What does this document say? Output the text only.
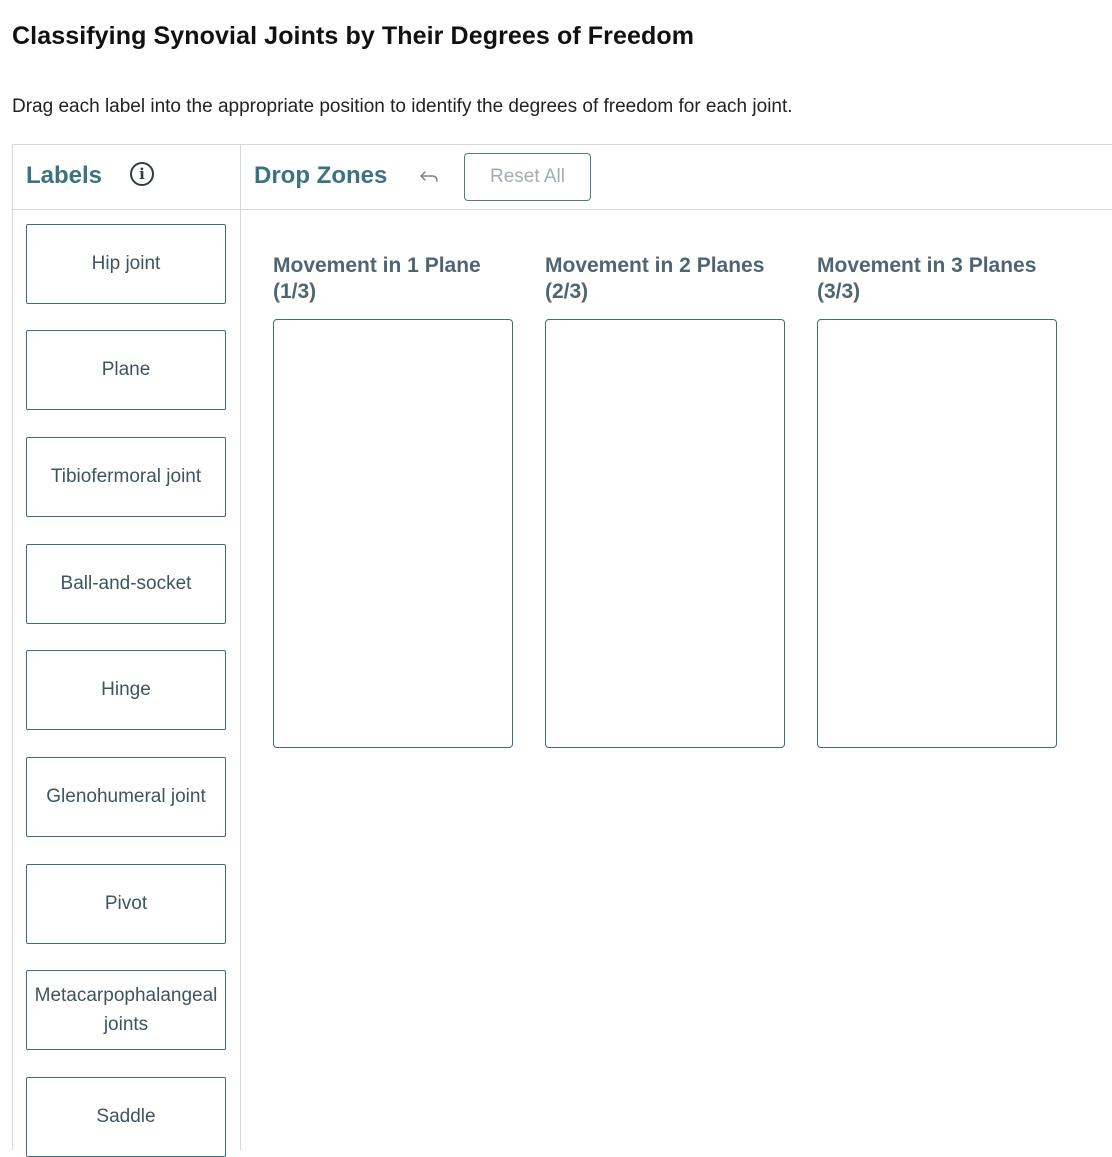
Classifying Synovial Joints by Their Degrees of Freedom

Drag each label into the appropriate position to identify the degrees of freedom for each joint.

Labels	i	Drop Zones	Reset All
Hip joint
Plane
Tibiofermoral joint
Ball-and-socket
Hinge
Glenohumeral joint
Pivot
Metacarpophalangeal joints
Saddle
Movement in 1 Plane
(1/3)
Movement in 2 Planes
(2/3)
Movement in 3 Planes
(3/3)
